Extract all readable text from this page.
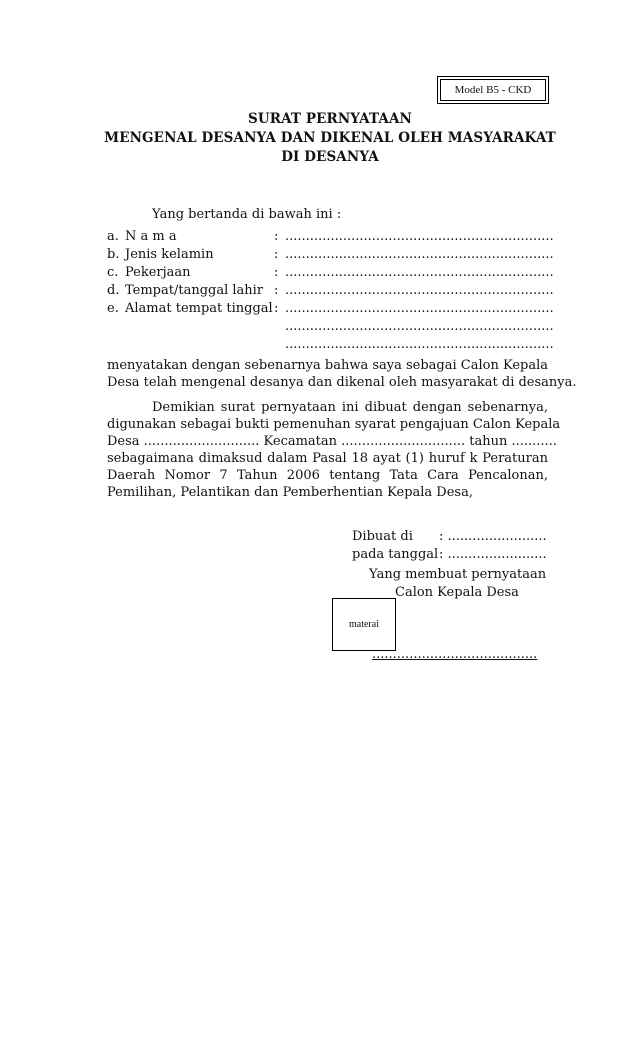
Model B5 - CKD
SURAT PERNYATAAN
MENGENAL DESANYA DAN DIKENAL OLEH MASYARAKAT
DI DESANYA
Yang bertanda di bawah ini :
a. N a m a	: .................................................................
b. Jenis kelamin	: .................................................................
c. Pekerjaan	: .................................................................
d. Tempat/tanggal lahir : .................................................................
e. Alamat tempat tinggal : .................................................................
.................................................................
.................................................................
menyatakan dengan sebenarnya bahwa saya sebagai Calon Kepala
Desa telah mengenal desanya dan dikenal oleh masyarakat di desanya.
Demikian surat pernyataan ini dibuat dengan sebenarnya,
digunakan sebagai bukti pemenuhan syarat pengajuan Calon Kepala
Desa ............................ Kecamatan .............................. tahun ...........
sebagaimana dimaksud dalam Pasal 18 ayat (1) huruf k Peraturan
Daerah Nomor 7 Tahun 2006 tentang Tata Cara Pencalonan,
Pemilihan, Pelantikan dan Pemberhentian Kepala Desa,
Dibuat di : ........................
pada tanggal : ........................
Yang membuat pernyataan
Calon Kepala Desa
materai
........................................
